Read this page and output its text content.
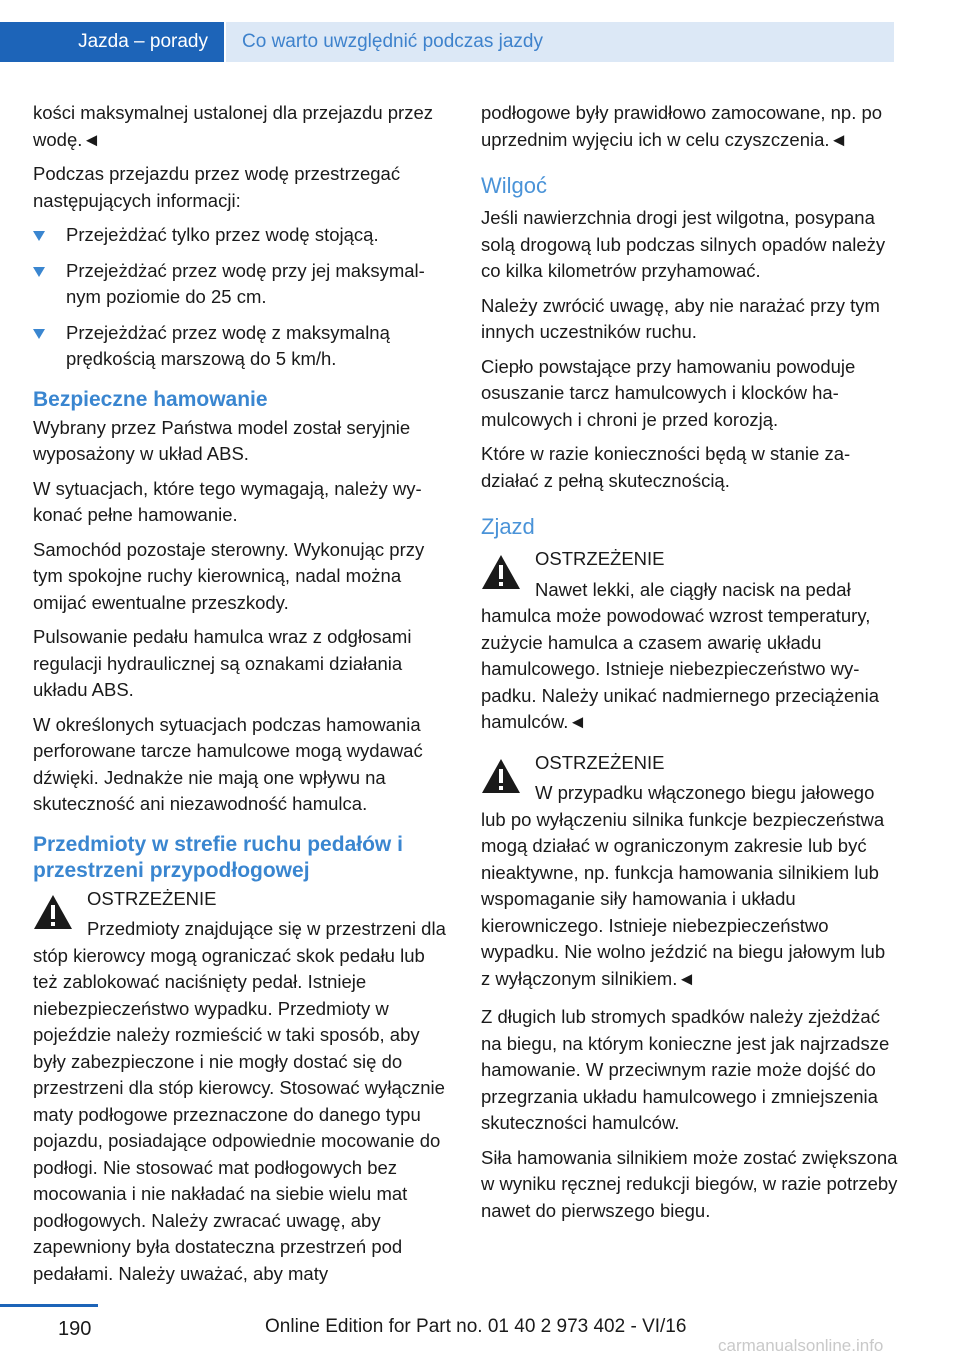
Jazda – porady	Co warto uwzględnić podczas jazdy

kości maksymalnej ustalonej dla przejazdu przez wodę.◄

Podczas przejazdu przez wodę przestrzegać następujących informacji:

Przejeżdżać tylko przez wodę stojącą.
Przejeżdżać przez wodę przy jej maksymalnym poziomie do 25 cm.
Przejeżdżać przez wodę z maksymalną prędkością marszową do 5 km/h.
Bezpieczne hamowanie

Wybrany przez Państwa model został seryjnie wyposażony w układ ABS.

W sytuacjach, które tego wymagają, należy wykonać pełne hamowanie.

Samochód pozostaje sterowny. Wykonując przy tym spokojne ruchy kierownicą, nadal można omijać ewentualne przeszkody.

Pulsowanie pedału hamulca wraz z odgłosami regulacji hydraulicznej są oznakami działania układu ABS.

W określonych sytuacjach podczas hamowania perforowane tarcze hamulcowe mogą wydawać dźwięki. Jednakże nie mają one wpływu na skuteczność ani niezawodność hamulca.

Przedmioty w strefie ruchu pedałów i przestrzeni przypodłogowej
OSTRZEŻENIE
Przedmioty znajdujące się w przestrzeni dla stóp kierowcy mogą ograniczać skok pedału lub też zablokować naciśnięty pedał. Istnieje niebezpieczeństwo wypadku. Przedmioty w pojeździe należy rozmieścić w taki sposób, aby były zabezpieczone i nie mogły dostać się do przestrzeni dla stóp kierowcy. Stosować wyłącznie maty podłogowe przeznaczone do danego typu pojazdu, posiadające odpowiednie mocowanie do podłogi. Nie stosować mat podłogowych bez mocowania i nie nakładać na siebie wielu mat podłogowych. Należy zwracać uwagę, aby zapewniony była dostateczna przestrzeń pod pedałami. Należy uważać, aby maty

podłogowe były prawidłowo zamocowane, np. po uprzednim wyjęciu ich w celu czyszczenia.◄

Wilgoć

Jeśli nawierzchnia drogi jest wilgotna, posypana solą drogową lub podczas silnych opadów należy co kilka kilometrów przyhamować.

Należy zwrócić uwagę, aby nie narażać przy tym innych uczestników ruchu.

Ciepło powstające przy hamowaniu powoduje osuszanie tarcz hamulcowych i klocków hamulcowych i chroni je przed korozją.

Które w razie konieczności będą w stanie zadziałać z pełną skutecznością.

Zjazd
OSTRZEŻENIE
Nawet lekki, ale ciągły nacisk na pedał hamulca może powodować wzrost temperatury, zużycie hamulca a czasem awarię układu hamulcowego. Istnieje niebezpieczeństwo wypadku. Należy unikać nadmiernego przeciążenia hamulców.◄
OSTRZEŻENIE
W przypadku włączonego biegu jałowego lub po wyłączeniu silnika funkcje bezpieczeństwa mogą działać w ograniczonym zakresie lub być nieaktywne, np. funkcja hamowania silnikiem lub wspomaganie siły hamowania i układu kierowniczego. Istnieje niebezpieczeństwo wypadku. Nie wolno jeździć na biegu jałowym lub z wyłączonym silnikiem.◄

Z długich lub stromych spadków należy zjeżdżać na biegu, na którym konieczne jest jak najrzadsze hamowanie. W przeciwnym razie może dojść do przegrzania układu hamulcowego i zmniejszenia skuteczności hamulców.

Siła hamowania silnikiem może zostać zwiększona w wyniku ręcznej redukcji biegów, w razie potrzeby nawet do pierwszego biegu.

190	Online Edition for Part no. 01 40 2 973 402 - VI/16
carmanualsonline.info
